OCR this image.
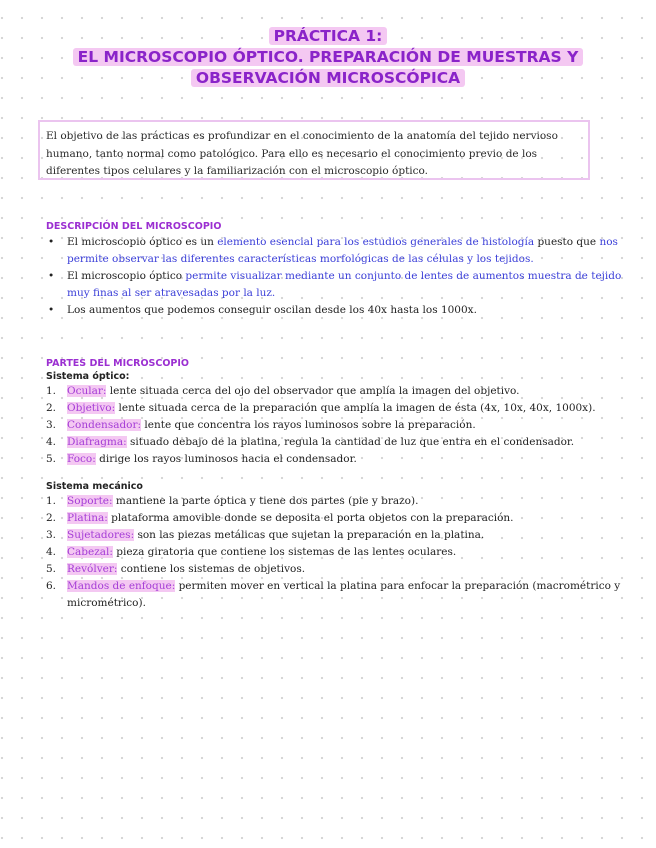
PRÁCTICA 1:
EL MICROSCOPIO ÓPTICO. PREPARACIÓN DE MUESTRAS Y
OBSERVACIÓN MICROSCÓPICA
El objetivo de las prácticas es profundizar en el conocimiento de la anatomía del tejido nervioso humano, tanto normal como patológico. Para ello es necesario el conocimiento previo de los diferentes tipos celulares y la familiarización con el microscopio óptico.
DESCRIPCIÓN DEL MICROSCOPIO
• El microscopio óptico es un elemento esencial para los estudios generales de histología puesto que nos permite observar las diferentes características morfológicas de las células y los tejidos.
• El microscopio óptico permite visualizar mediante un conjunto de lentes de aumentos muestra de tejido muy finas al ser atravesadas por la luz.
• Los aumentos que podemos conseguir oscilan desde los 40x hasta los 1000x.
PARTES DEL MICROSCOPIO
Sistema óptico:
1. Ocular: lente situada cerca del ojo del observador que amplía la imagen del objetivo.
2. Objetivo: lente situada cerca de la preparación que amplía la imagen de ésta (4x, 10x, 40x, 1000x).
3. Condensador: lente que concentra los rayos luminosos sobre la preparación.
4. Diafragma: situado debajo de la platina, regula la cantidad de luz que entra en el condensador.
5. Foco: dirige los rayos luminosos hacia el condensador.
Sistema mecánico
1. Soporte: mantiene la parte óptica y tiene dos partes (pie y brazo).
2. Platina: plataforma amovible donde se deposita el porta objetos con la preparación.
3. Sujetadores: son las piezas metálicas que sujetan la preparación en la platina.
4. Cabezal: pieza giratoria que contiene los sistemas de las lentes oculares.
5. Revólver: contiene los sistemas de objetivos.
6. Mandos de enfoque: permiten mover en vertical la platina para enfocar la preparación (macrométrico y micrométrico).
